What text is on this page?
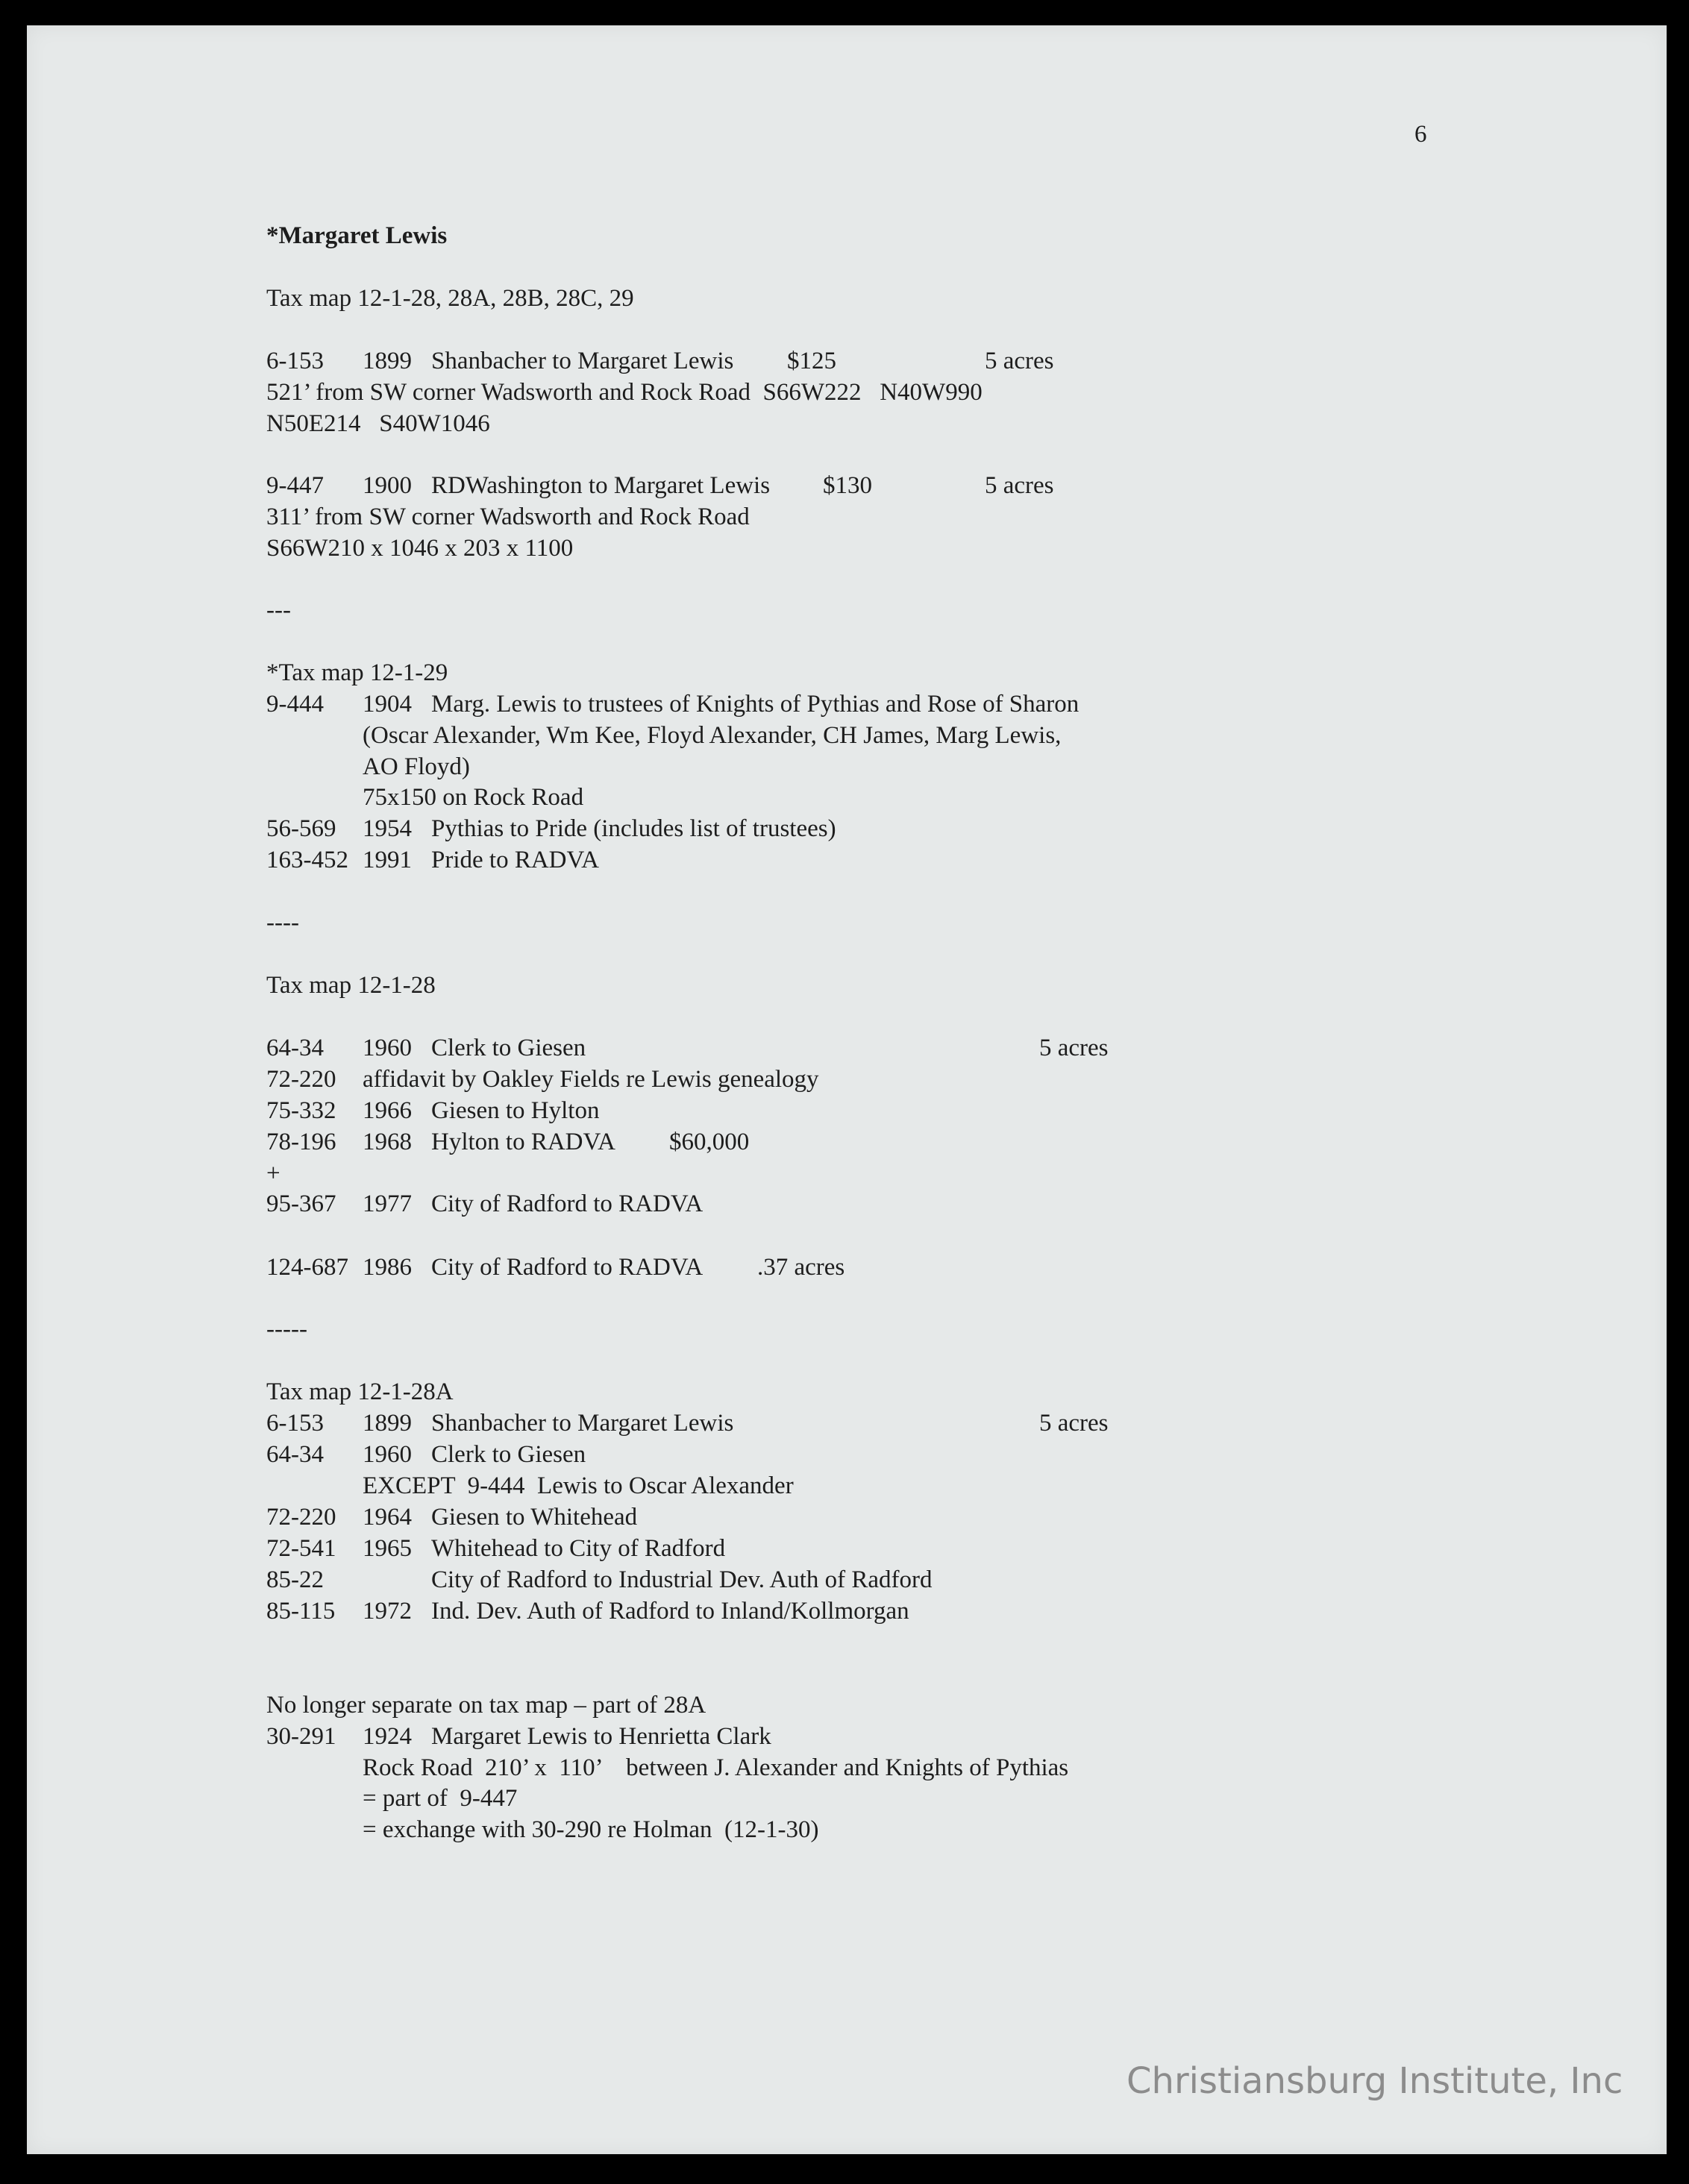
6
*Margaret Lewis
Tax map 12-1-28, 28A, 28B, 28C, 29
6-153 1899 Shanbacher to Margaret Lewis $125	5 acres
521’ from SW corner Wadsworth and Rock Road  S66W222   N40W990
N50E214   S40W1046
9-447 1900 RDWashington to Margaret Lewis $130	5 acres
311’ from SW corner Wadsworth and Rock Road
S66W210 x 1046 x 203 x 1100
---
*Tax map 12-1-29
9-444 1904 Marg. Lewis to trustees of Knights of Pythias and Rose of Sharon
(Oscar Alexander, Wm Kee, Floyd Alexander, CH James, Marg Lewis,
AO Floyd)
75x150 on Rock Road
56-569 1954 Pythias to Pride (includes list of trustees)
163-452 1991 Pride to RADVA
----
Tax map 12-1-28
64-34 1960 Clerk to Giesen	5 acres
72-220 affidavit by Oakley Fields re Lewis genealogy
75-332 1966 Giesen to Hylton
78-196 1968 Hylton to RADVA $60,000
+
95-367 1977 City of Radford to RADVA
124-687 1986 City of Radford to RADVA .37 acres
-----
Tax map 12-1-28A
6-153 1899 Shanbacher to Margaret Lewis	5 acres
64-34 1960 Clerk to Giesen
EXCEPT  9-444  Lewis to Oscar Alexander
72-220 1964 Giesen to Whitehead
72-541 1965 Whitehead to City of Radford
85-22	City of Radford to Industrial Dev. Auth of Radford
85-115 1972 Ind. Dev. Auth of Radford to Inland/Kollmorgan
No longer separate on tax map – part of 28A
30-291 1924 Margaret Lewis to Henrietta Clark
Rock Road  210’ x  110’    between J. Alexander and Knights of Pythias
= part of  9-447
= exchange with 30-290 re Holman  (12-1-30)
Christiansburg Institute, Inc
